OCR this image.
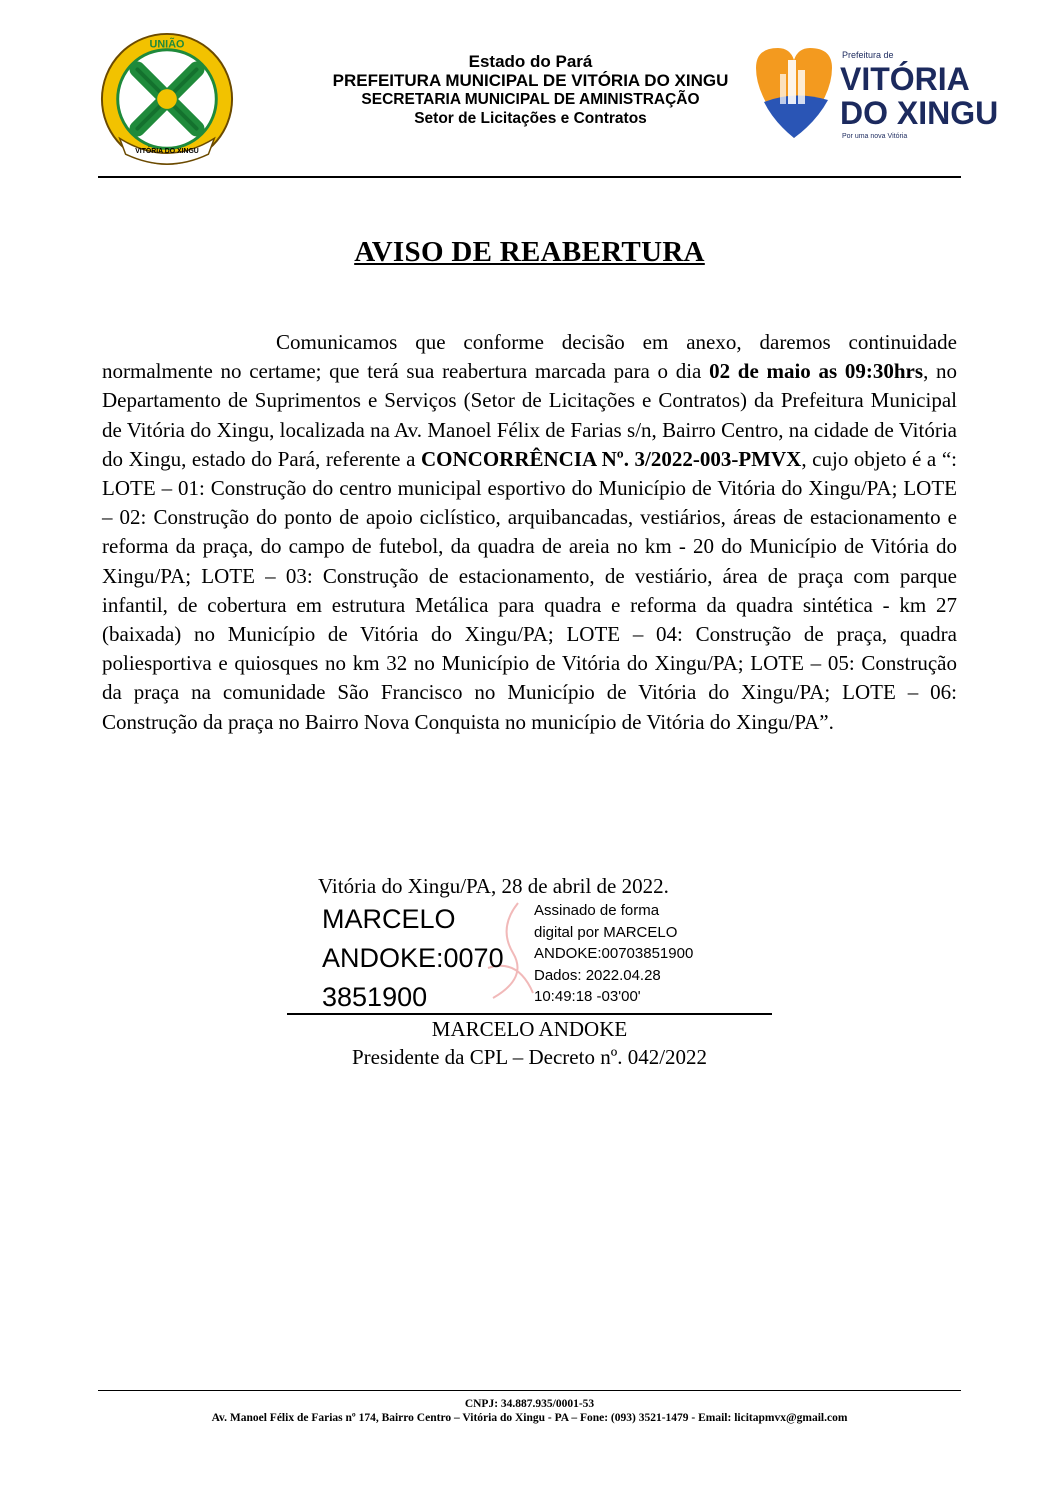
UNIÃO
VITÓRIA DO XINGU
Estado do Pará
PREFEITURA MUNICIPAL DE VITÓRIA DO XINGU
SECRETARIA MUNICIPAL DE AMINISTRAÇÃO
Setor de Licitações e Contratos
Prefeitura de
VITÓRIA
DO XINGU
Por uma nova Vitória
AVISO DE REABERTURA
Comunicamos que conforme decisão em anexo, daremos continuidade normalmente no certame; que terá sua reabertura marcada para o dia 02 de maio as 09:30hrs, no Departamento de Suprimentos e Serviços (Setor de Licitações e Contratos) da Prefeitura Municipal de Vitória do Xingu, localizada na Av. Manoel Félix de Farias s/n, Bairro Centro, na cidade de Vitória do Xingu, estado do Pará, referente a CONCORRÊNCIA Nº. 3/2022-003-PMVX, cujo objeto é a “: LOTE – 01: Construção do centro municipal esportivo do Município de Vitória do Xingu/PA; LOTE – 02: Construção do ponto de apoio ciclístico, arquibancadas, vestiários, áreas de estacionamento e reforma da praça, do campo de futebol, da quadra de areia no km - 20 do Município de Vitória do Xingu/PA; LOTE – 03: Construção de estacionamento, de vestiário, área de praça com parque infantil, de cobertura em estrutura Metálica para quadra e reforma da quadra sintética - km 27 (baixada) no Município de Vitória do Xingu/PA; LOTE – 04: Construção de praça, quadra poliesportiva e quiosques no km 32 no Município de Vitória do Xingu/PA; LOTE – 05: Construção da praça na comunidade São Francisco no Município de Vitória do Xingu/PA; LOTE – 06: Construção da praça no Bairro Nova Conquista no município de Vitória do Xingu/PA”.
Vitória do Xingu/PA, 28 de abril de 2022.
MARCELO
ANDOKE:0070
3851900
Assinado de forma
digital por MARCELO
ANDOKE:00703851900
Dados: 2022.04.28
10:49:18 -03'00'
MARCELO ANDOKE
Presidente da CPL – Decreto nº. 042/2022
CNPJ: 34.887.935/0001-53
Av. Manoel Félix de Farias nº 174, Bairro Centro – Vitória do Xingu - PA – Fone: (093) 3521-1479 - Email: licitapmvx@gmail.com
